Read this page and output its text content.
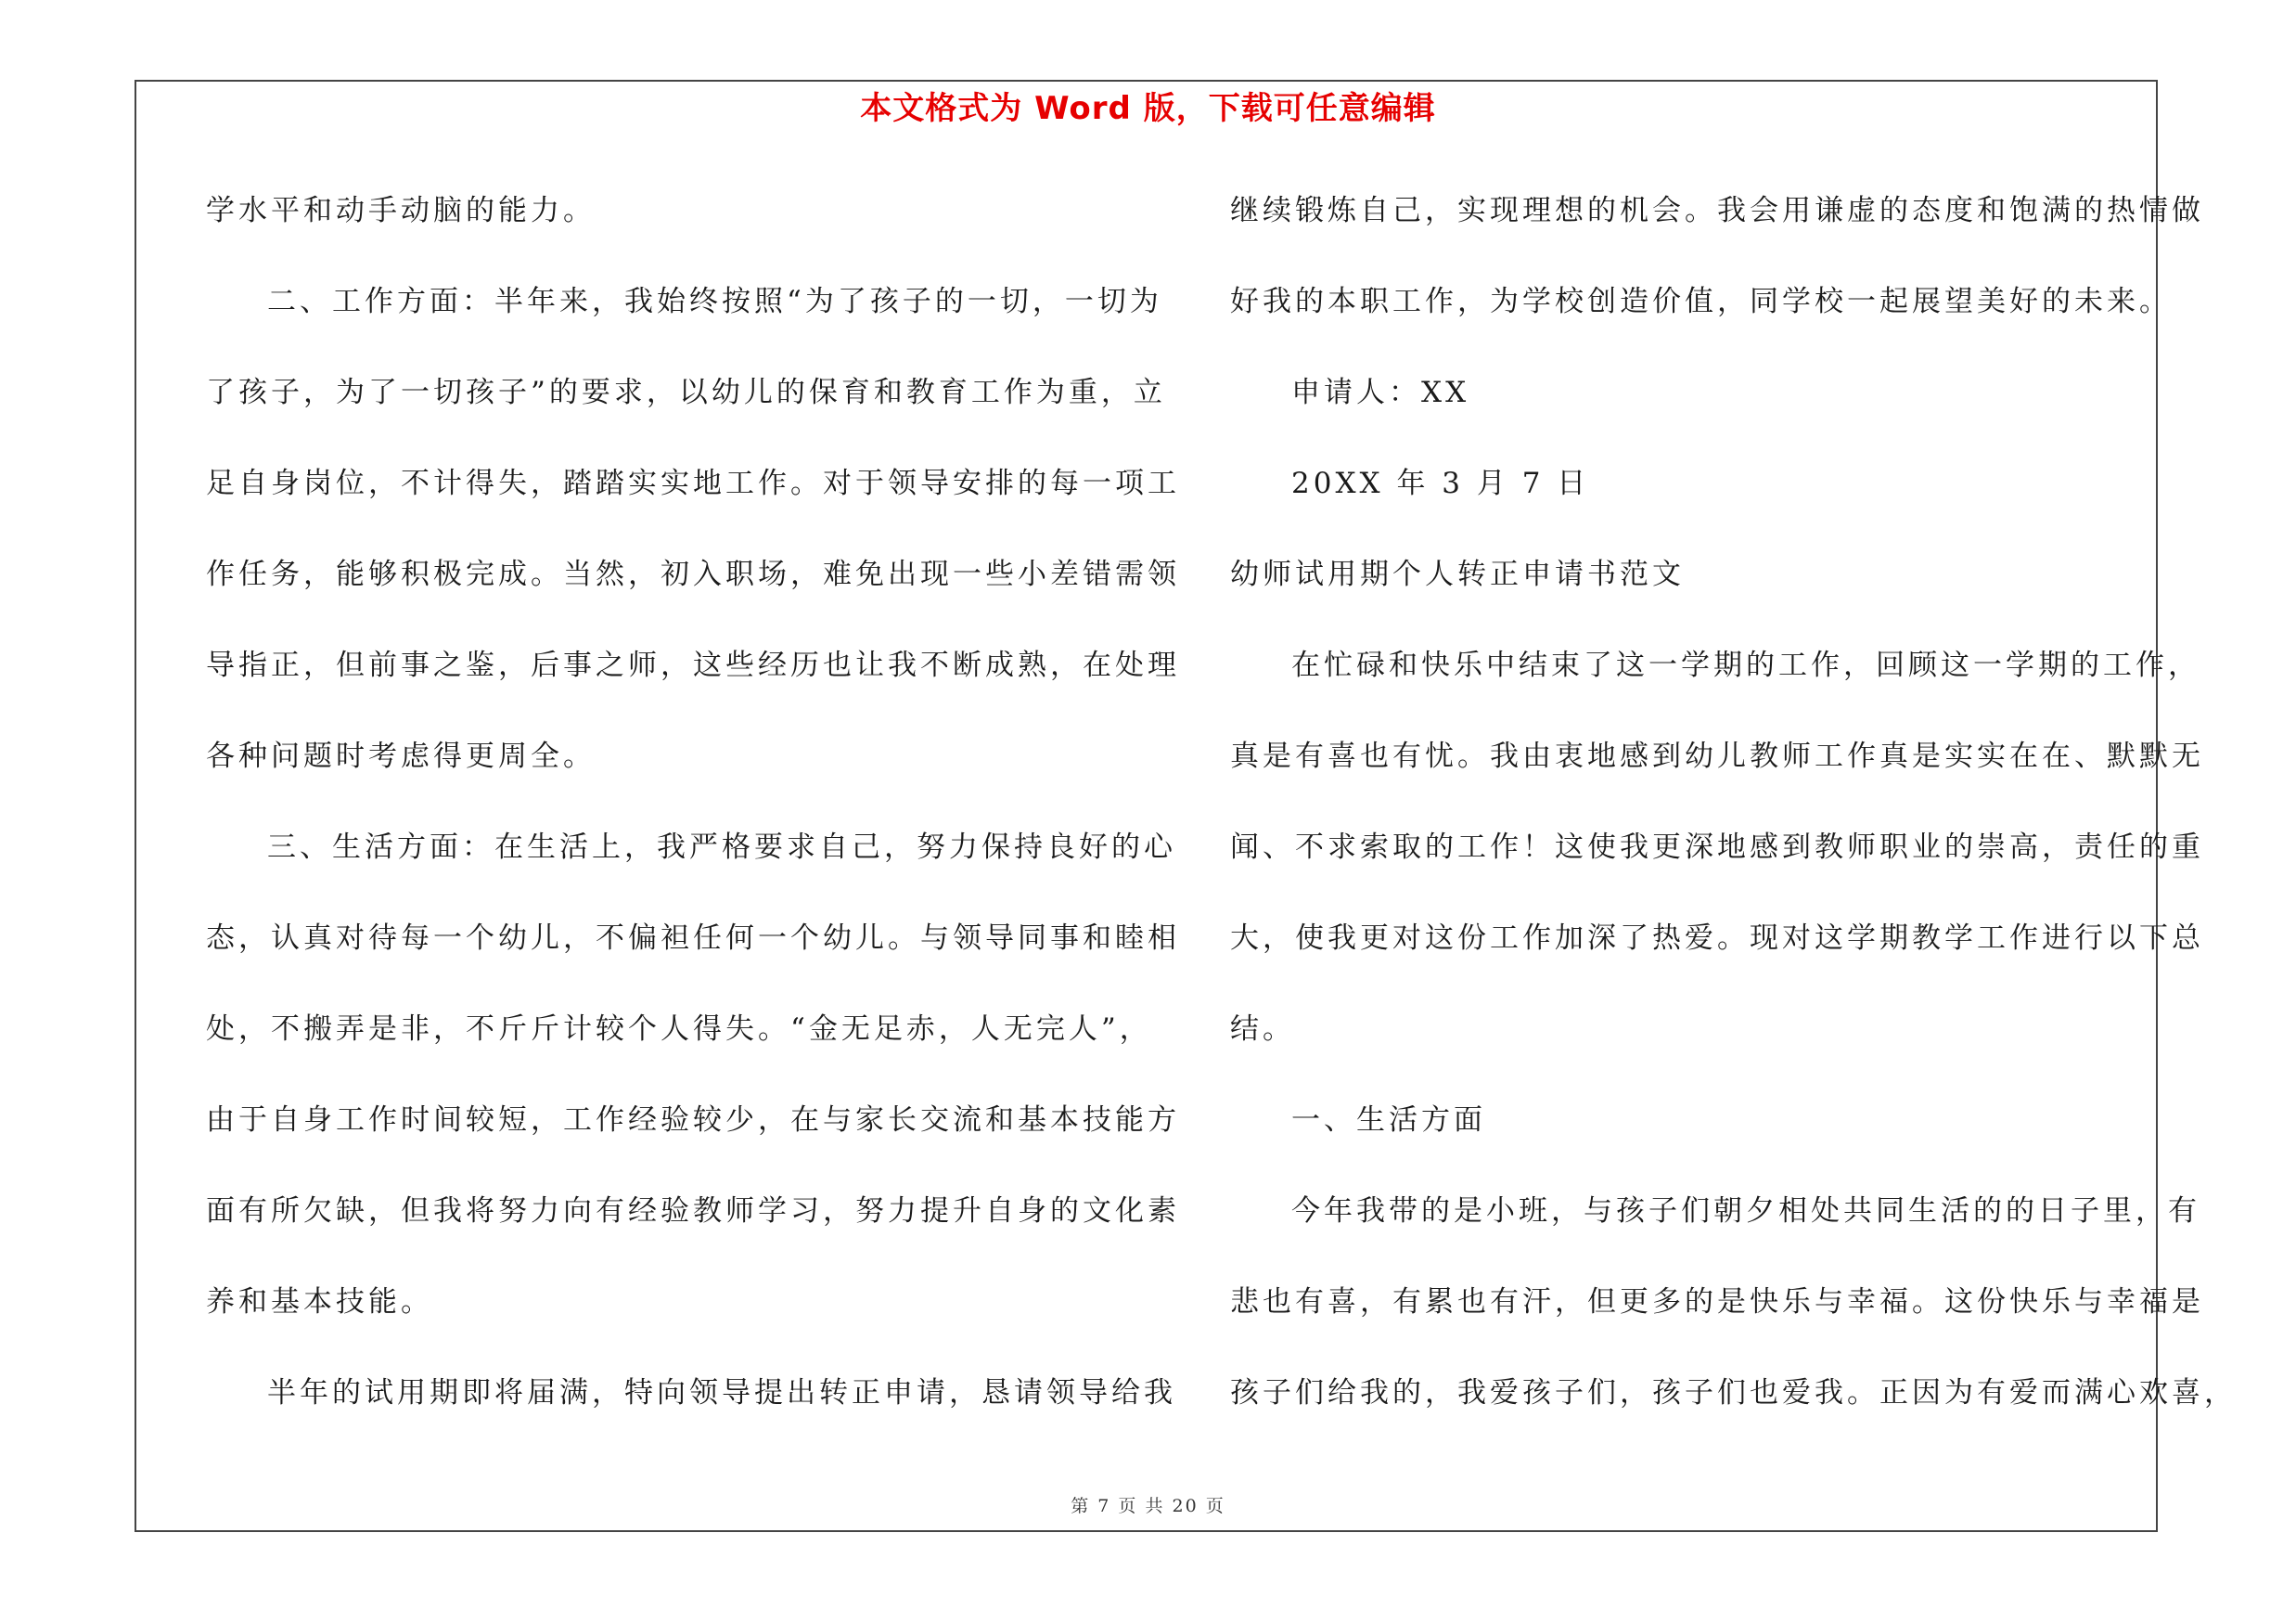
本文格式为 Word 版，下载可任意编辑
学水平和动手动脑的能力。
二、工作方面：半年来，我始终按照“为了孩子的一切，一切为
了孩子，为了一切孩子”的要求，以幼儿的保育和教育工作为重，立
足自身岗位，不计得失，踏踏实实地工作。对于领导安排的每一项工
作任务，能够积极完成。当然，初入职场，难免出现一些小差错需领
导指正，但前事之鉴，后事之师，这些经历也让我不断成熟，在处理
各种问题时考虑得更周全。
三、生活方面：在生活上，我严格要求自己，努力保持良好的心
态，认真对待每一个幼儿，不偏袒任何一个幼儿。与领导同事和睦相
处，不搬弄是非，不斤斤计较个人得失。“金无足赤，人无完人”，
由于自身工作时间较短，工作经验较少，在与家长交流和基本技能方
面有所欠缺，但我将努力向有经验教师学习，努力提升自身的文化素
养和基本技能。
半年的试用期即将届满，特向领导提出转正申请，恳请领导给我
继续锻炼自己，实现理想的机会。我会用谦虚的态度和饱满的热情做
好我的本职工作，为学校创造价值，同学校一起展望美好的未来。
申请人：XX
20XX 年 3 月 7 日
幼师试用期个人转正申请书范文
在忙碌和快乐中结束了这一学期的工作，回顾这一学期的工作，
真是有喜也有忧。我由衷地感到幼儿教师工作真是实实在在、默默无
闻、不求索取的工作！这使我更深地感到教师职业的崇高，责任的重
大，使我更对这份工作加深了热爱。现对这学期教学工作进行以下总
结。
一、生活方面
今年我带的是小班，与孩子们朝夕相处共同生活的的日子里，有
悲也有喜，有累也有汗，但更多的是快乐与幸福。这份快乐与幸福是
孩子们给我的，我爱孩子们，孩子们也爱我。正因为有爱而满心欢喜，
第 7 页 共 20 页
